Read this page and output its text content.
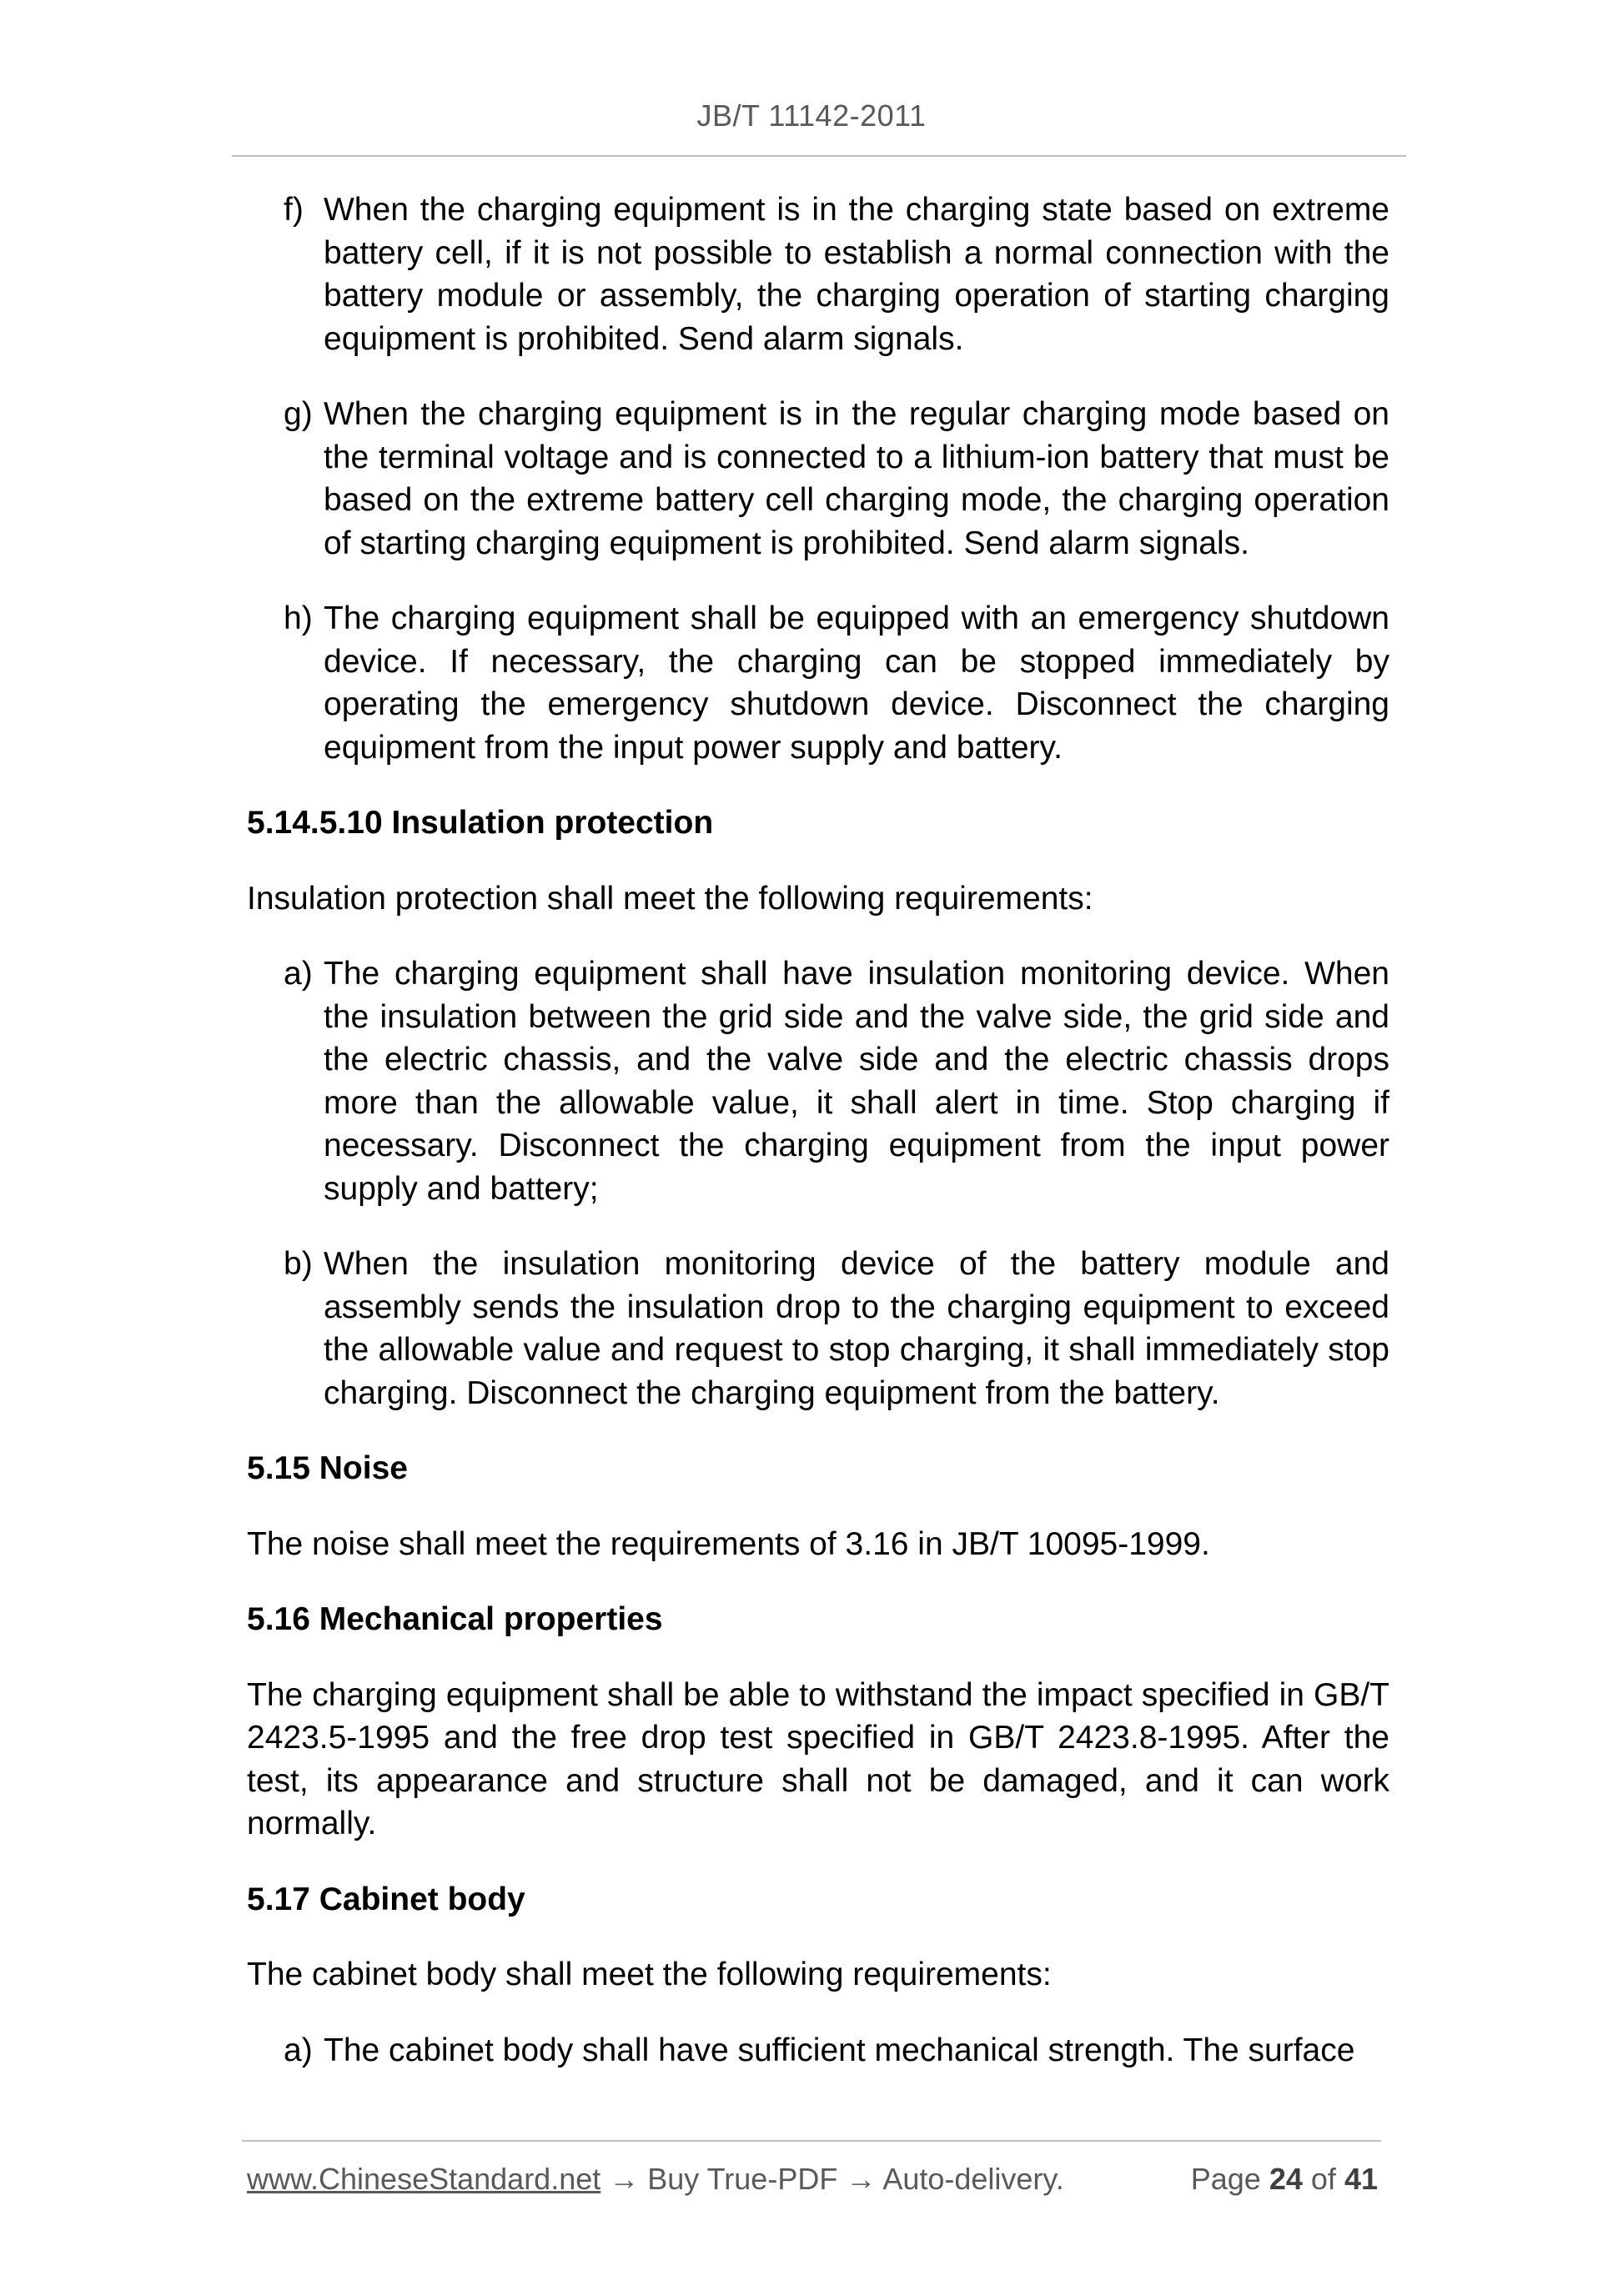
JB/T 11142-2011
f) When the charging equipment is in the charging state based on extreme battery cell, if it is not possible to establish a normal connection with the battery module or assembly, the charging operation of starting charging equipment is prohibited. Send alarm signals.
g) When the charging equipment is in the regular charging mode based on the terminal voltage and is connected to a lithium-ion battery that must be based on the extreme battery cell charging mode, the charging operation of starting charging equipment is prohibited. Send alarm signals.
h) The charging equipment shall be equipped with an emergency shutdown device. If necessary, the charging can be stopped immediately by operating the emergency shutdown device. Disconnect the charging equipment from the input power supply and battery.
5.14.5.10 Insulation protection
Insulation protection shall meet the following requirements:
a) The charging equipment shall have insulation monitoring device. When the insulation between the grid side and the valve side, the grid side and the electric chassis, and the valve side and the electric chassis drops more than the allowable value, it shall alert in time. Stop charging if necessary. Disconnect the charging equipment from the input power supply and battery;
b) When the insulation monitoring device of the battery module and assembly sends the insulation drop to the charging equipment to exceed the allowable value and request to stop charging, it shall immediately stop charging. Disconnect the charging equipment from the battery.
5.15 Noise
The noise shall meet the requirements of 3.16 in JB/T 10095-1999.
5.16 Mechanical properties
The charging equipment shall be able to withstand the impact specified in GB/T 2423.5-1995 and the free drop test specified in GB/T 2423.8-1995. After the test, its appearance and structure shall not be damaged, and it can work normally.
5.17 Cabinet body
The cabinet body shall meet the following requirements:
a) The cabinet body shall have sufficient mechanical strength. The surface
www.ChineseStandard.net → Buy True-PDF → Auto-delivery.	Page 24 of 41
